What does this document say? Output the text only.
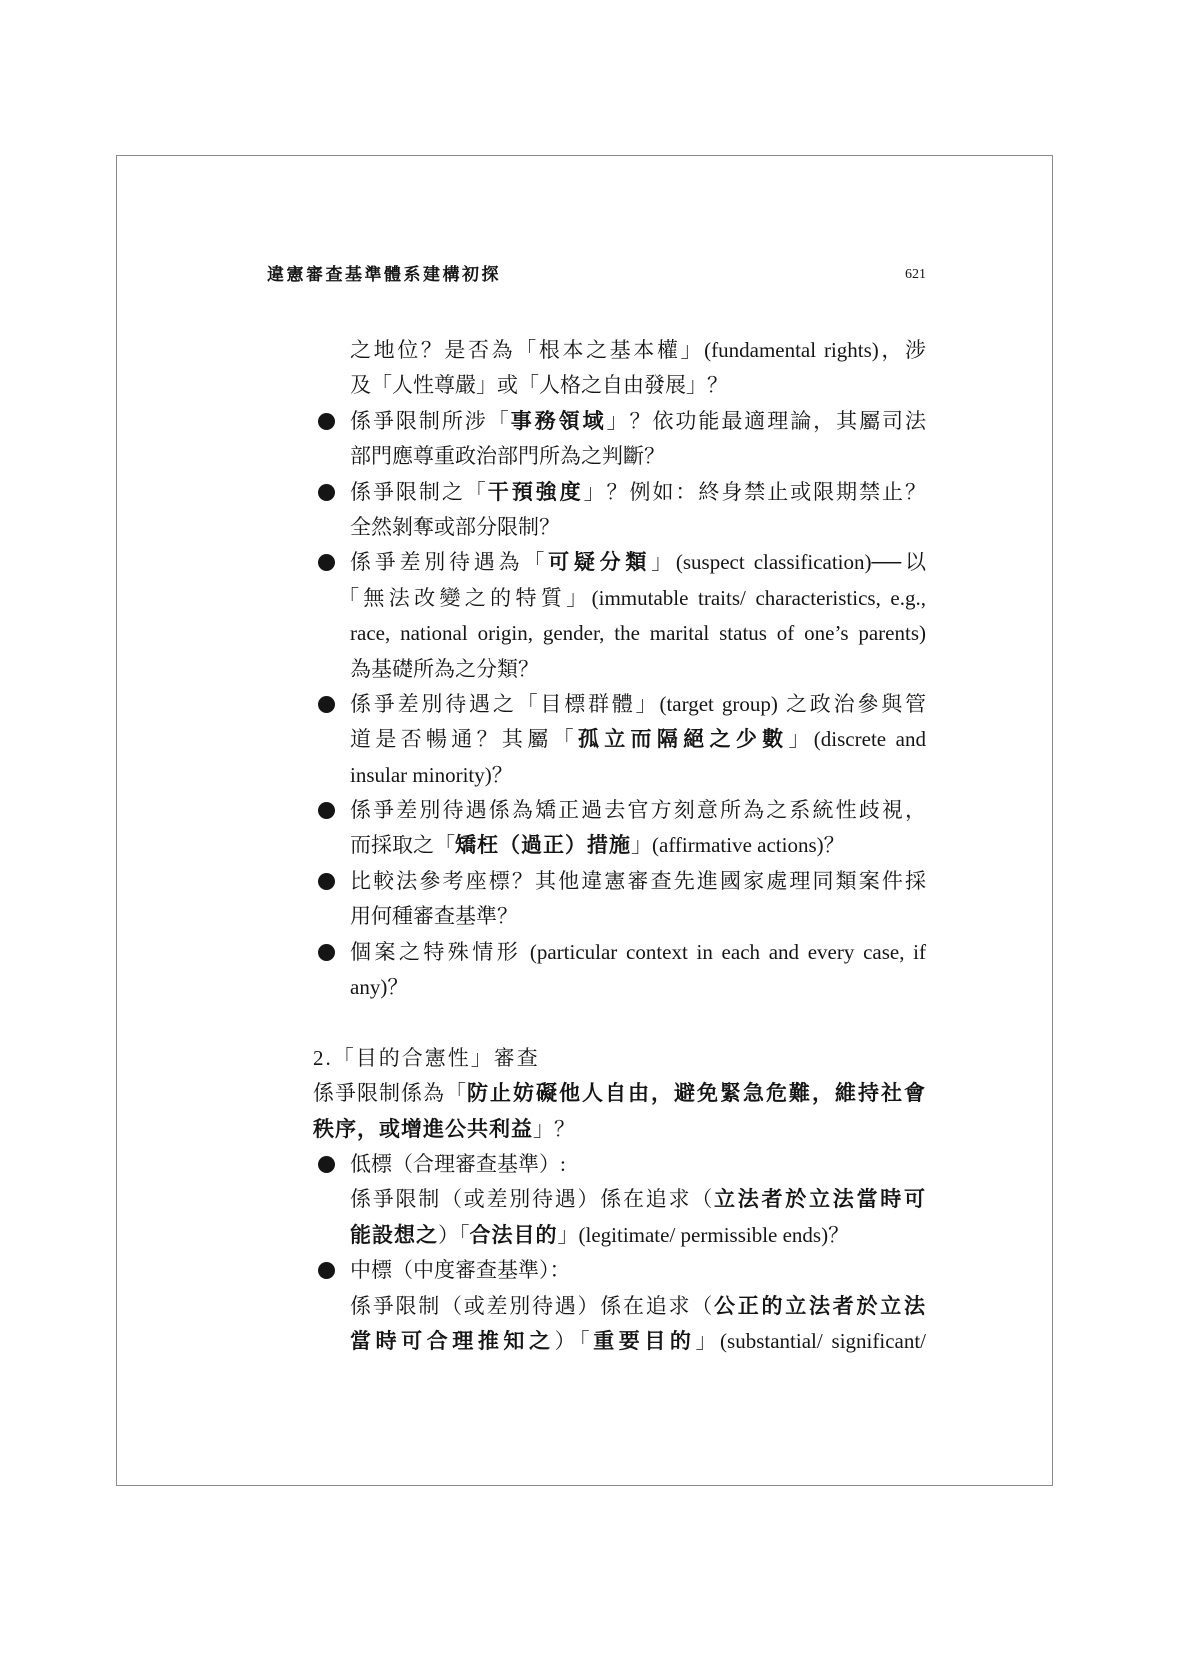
違憲審查基準體系建構初探	621
之地位？是否為「根本之基本權」(fundamental rights)，涉
及「人性尊嚴」或「人格之自由發展」？
係爭限制所涉「事務領域」？依功能最適理論，其屬司法
部門應尊重政治部門所為之判斷？
係爭限制之「干預強度」？例如：終身禁止或限期禁止？
全然剝奪或部分限制？
係爭差別待遇為「可疑分類」(suspect classification)──以
「無法改變之的特質」(immutable traits/ characteristics, e.g.,
race, national origin, gender, the marital status of one’s parents)
為基礎所為之分類？
係爭差別待遇之「目標群體」(target group) 之政治參與管
道是否暢通？其屬「孤立而隔絕之少數」(discrete and
insular minority)？
係爭差別待遇係為矯正過去官方刻意所為之系統性歧視，
而採取之「矯枉（過正）措施」(affirmative actions)？
比較法參考座標？其他違憲審查先進國家處理同類案件採
用何種審查基準？
個案之特殊情形 (particular context in each and every case, if
any)？
2.「目的合憲性」審查
係爭限制係為「防止妨礙他人自由，避免緊急危難，維持社會
秩序，或增進公共利益」？
低標（合理審查基準）:
係爭限制（或差別待遇）係在追求（立法者於立法當時可
能設想之）「合法目的」(legitimate/ permissible ends)？
中標（中度審查基準）：
係爭限制（或差別待遇）係在追求（公正的立法者於立法
當時可合理推知之）「重要目的」(substantial/ significant/
